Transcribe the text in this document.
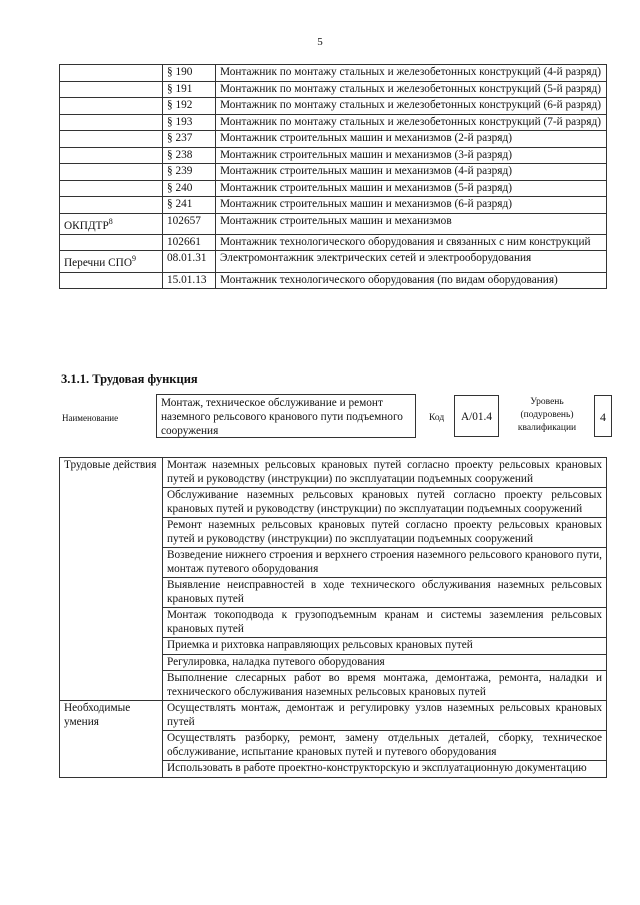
5
	§ 190	Монтажник по монтажу стальных и железобетонных конструкций (4-й разряд)
	§ 191	Монтажник по монтажу стальных и железобетонных конструкций (5-й разряд)
	§ 192	Монтажник по монтажу стальных и железобетонных конструкций (6-й разряд)
	§ 193	Монтажник по монтажу стальных и железобетонных конструкций (7-й разряд)
	§ 237	Монтажник строительных машин и механизмов (2-й разряд)
	§ 238	Монтажник строительных машин и механизмов (3-й разряд)
	§ 239	Монтажник строительных машин и механизмов (4-й разряд)
	§ 240	Монтажник строительных машин и механизмов (5-й разряд)
	§ 241	Монтажник строительных машин и механизмов (6-й разряд)
ОКПДТР$^8$	102657	Монтажник строительных машин и механизмов
	102661	Монтажник технологического оборудования и связанных с ним конструкций
Перечни СПО$^9$	08.01.31	Электромонтажник электрических сетей и электрооборудования
	15.01.13	Монтажник технологического оборудования (по видам оборудования)
3.1.1. Трудовая функция
Наименование
Монтаж, техническое обслуживание и ремонт наземного рельсового кранового пути подъемного сооружения
Код	А/01.4
Уровень (подуровень) квалификации
4
Трудовые действия	Монтаж наземных рельсовых крановых путей согласно проекту рельсовых крановых путей и руководству (инструкции) по эксплуатации подъемных сооружений
	Обслуживание наземных рельсовых крановых путей согласно проекту рельсовых крановых путей и руководству (инструкции) по эксплуатации подъемных сооружений
	Ремонт наземных рельсовых крановых путей согласно проекту рельсовых крановых путей и руководству (инструкции) по эксплуатации подъемных сооружений
	Возведение нижнего строения и верхнего строения наземного рельсового кранового пути, монтаж путевого оборудования
	Выявление неисправностей в ходе технического обслуживания наземных рельсовых крановых путей
	Монтаж токоподвода к грузоподъемным кранам и системы заземления рельсовых крановых путей
	Приемка и рихтовка направляющих рельсовых крановых путей
	Регулировка, наладка путевого оборудования
	Выполнение слесарных работ во время монтажа, демонтажа, ремонта, наладки и технического обслуживания наземных рельсовых крановых путей
Необходимые умения	Осуществлять монтаж, демонтаж и регулировку узлов наземных рельсовых крановых путей
	Осуществлять разборку, ремонт, замену отдельных деталей, сборку, техническое обслуживание, испытание крановых путей и путевого оборудования
	Использовать в работе проектно-конструкторскую и эксплуатационную документацию
